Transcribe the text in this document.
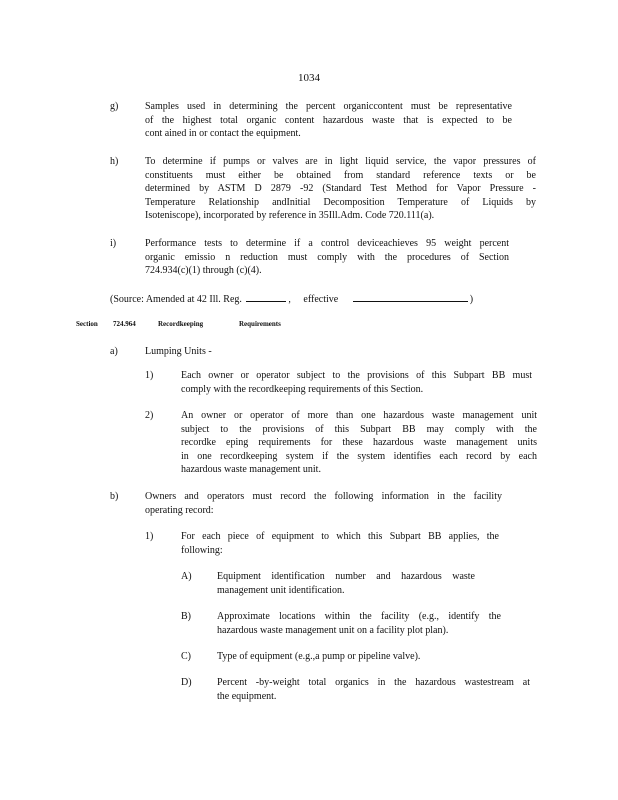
1034
g)	Samples used in determining the percent organiccontent must be representative
of the highest total organic content hazardous waste that is expected to be
cont ained in or contact the equipment.
h)	To determine if pumps or valves are in light liquid service, the vapor pressures of
constituents must either be obtained from standard reference texts or be
determined by ASTM D 2879 -92 (Standard Test Method for Vapor Pressure -
Temperature Relationship andInitial Decomposition Temperature of Liquids by
Isoteniscope), incorporated by reference in 35Ill.Adm. Code 720.111(a).
i)	Performance tests to determine if a control deviceachieves 95 weight percent
organic emissio n reduction must comply with the procedures of Section
724.934(c)(1) through (c)(4).
(Source: Amended at 42 Ill. Reg.	, effective	)
Section 724.964	Recordkeeping	Requirements
a)	Lumping Units -
1)	Each owner or operator subject to the provisions of this Subpart BB must
comply with the recordkeeping requirements of this Section.
2)	An owner or operator of more than one hazardous waste management unit
subject to the provisions of this Subpart BB may comply with the
recordke eping requirements for these hazardous waste management units
in one recordkeeping system if the system identifies each record by each
hazardous waste management unit.
b)	Owners and operators must record the following information in the facility
operating record:
1)	For each piece of equipment to which this Subpart BB applies, the
following:
A)	Equipment identification number and hazardous waste
management unit identification.
B)	Approximate locations within the facility (e.g., identify the
hazardous waste management unit on a facility plot plan).
C)	Type of equipment (e.g.,a pump or pipeline valve).
D)	Percent -by-weight total organics in the hazardous wastestream at
the equipment.
